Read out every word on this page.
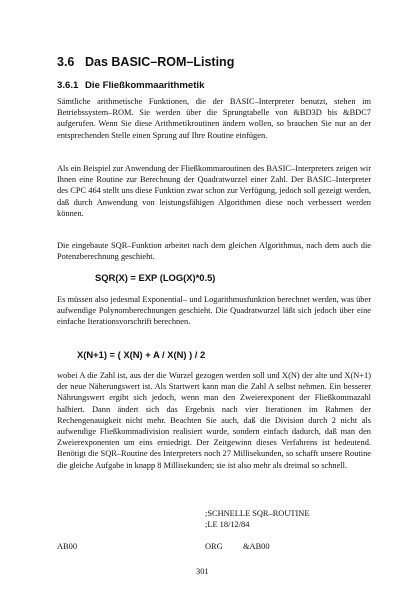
3.6 Das BASIC–ROM–Listing
3.6.1 Die Fließkommaarithmetik

Sämtliche arithmetische Funktionen, die der BASIC–Interpreter benutzt, stehen im Betriebssystem–ROM. Sie werden über die Sprungtabelle von &BD3D bis &BDC7 aufgerufen. Wenn Sie diese Arithmetikroutinen ändern wollen, so brauchen Sie nur an der entsprechenden Stelle einen Sprung auf Ihre Routine einfügen.

Als ein Beispiel zur Anwendung der Fließkommaroutinen des BASIC–Interpreters zeigen wir Ihnen eine Routine zur Berechnung der Quadratwurzel einer Zahl. Der BASIC–Interpreter des CPC 464 stellt uns diese Funktion zwar schon zur Verfügung, jedoch soll gezeigt werden, daß durch Anwendung von leistungsfähigen Algorithmen diese noch verbessert werden können.

Die eingebaute SQR–Funktion arbeitet nach dem gleichen Algorithmus, nach dem auch die Potenzberechnung geschieht.

SQR(X) = EXP (LOG(X)*0.5)

Es müssen also jedesmal Exponential– und Logarithmusfunktion berechnet werden, was über aufwendige Polynomberechnungen geschieht. Die Quadratwurzel läßt sich jedoch über eine einfache Iterationsvorschrift berechnen.

X(N+1) = ( X(N) + A / X(N) ) / 2

wobei A die Zahl ist, aus der die Wurzel gezogen werden soll und X(N) der alte und X(N+1) der neue Näherungswert ist. Als Startwert kann man die Zahl A selbst nehmen. Ein besserer Nährungswert ergibt sich jedoch, wenn man den Zweierexponent der Fließkommazahl halbiert. Dann ändert sich das Ergebnis nach vier Iterationen im Rahmen der Rechengenauigkeit nicht mehr. Beachten Sie auch, daß die Division durch 2 nicht als aufwendige Fließkommadivision realisiert wurde, sondern einfach dadurch, daß man den Zweierexponenten um eins erniedrigt. Der Zeitgewinn dieses Verfahrens ist bedeutend. Benötigt die SQR–Routine des Interpreters noch 27 Millisekunden, so schafft unsere Routine die gleiche Aufgabe in knapp 8 Millisekunden; sie ist also mehr als dreimal so schnell.

;SCHNELLE SQR–ROUTINE
;LE 18/12/84
AB00	ORG &AB00
301
